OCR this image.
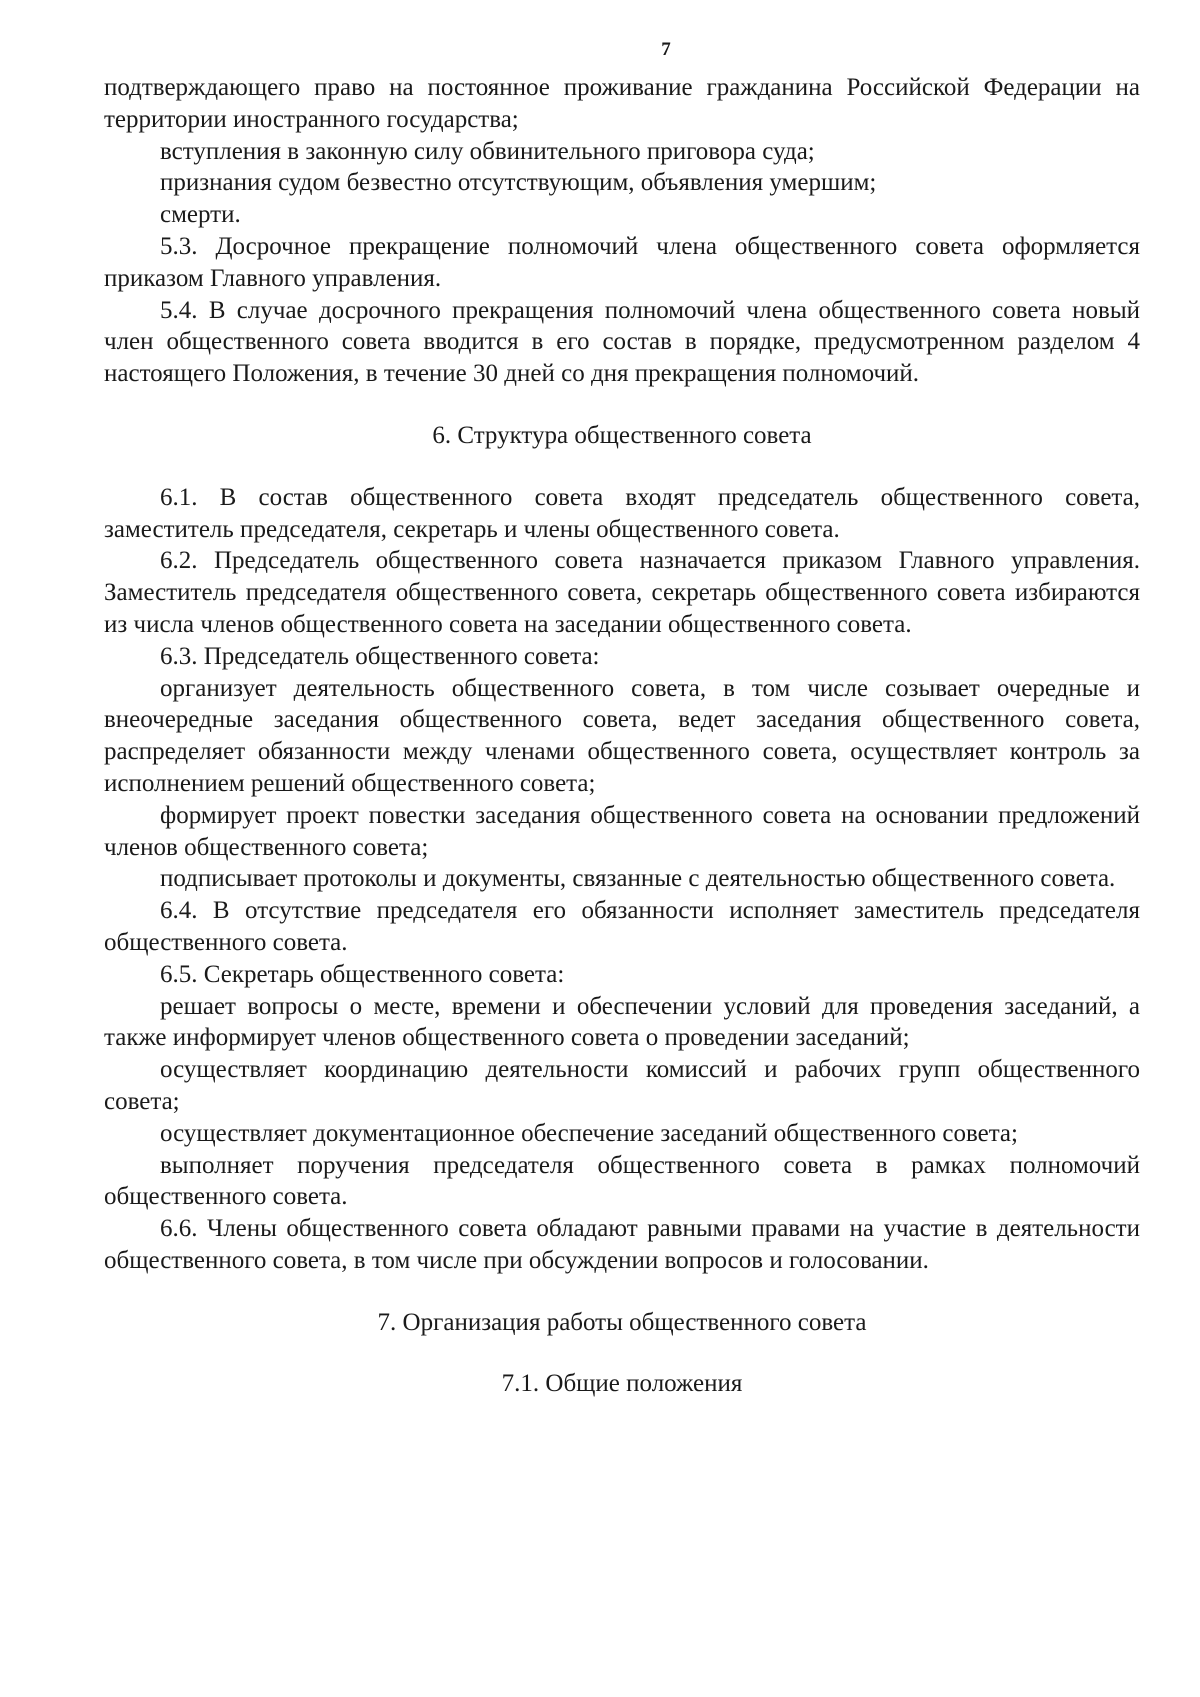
7

подтверждающего право на постоянное проживание гражданина Российской Федерации на территории иностранного государства;

вступления в законную силу обвинительного приговора суда;

признания судом безвестно отсутствующим, объявления умершим;

смерти.

5.3. Досрочное прекращение полномочий члена общественного совета оформляется приказом Главного управления.

5.4. В случае досрочного прекращения полномочий члена общественного совета новый член общественного совета вводится в его состав в порядке, предусмотренном разделом 4 настоящего Положения, в течение 30 дней со дня прекращения полномочий.

6. Структура общественного совета

6.1. В состав общественного совета входят председатель общественного совета, заместитель председателя, секретарь и члены общественного совета.

6.2. Председатель общественного совета назначается приказом Главного управления. Заместитель председателя общественного совета, секретарь общественного совета избираются из числа членов общественного совета на заседании общественного совета.

6.3. Председатель общественного совета:

организует деятельность общественного совета, в том числе созывает очередные и внеочередные заседания общественного совета, ведет заседания общественного совета, распределяет обязанности между членами общественного совета, осуществляет контроль за исполнением решений общественного совета;

формирует проект повестки заседания общественного совета на основании предложений членов общественного совета;

подписывает протоколы и документы, связанные с деятельностью общественного совета.

6.4. В отсутствие председателя его обязанности исполняет заместитель председателя общественного совета.

6.5. Секретарь общественного совета:

решает вопросы о месте, времени и обеспечении условий для проведения заседаний, а также информирует членов общественного совета о проведении заседаний;

осуществляет координацию деятельности комиссий и рабочих групп общественного совета;

осуществляет документационное обеспечение заседаний общественного совета;

выполняет поручения председателя общественного совета в рамках полномочий общественного совета.

6.6. Члены общественного совета обладают равными правами на участие в деятельности общественного совета, в том числе при обсуждении вопросов и голосовании.

7. Организация работы общественного совета

7.1. Общие положения
